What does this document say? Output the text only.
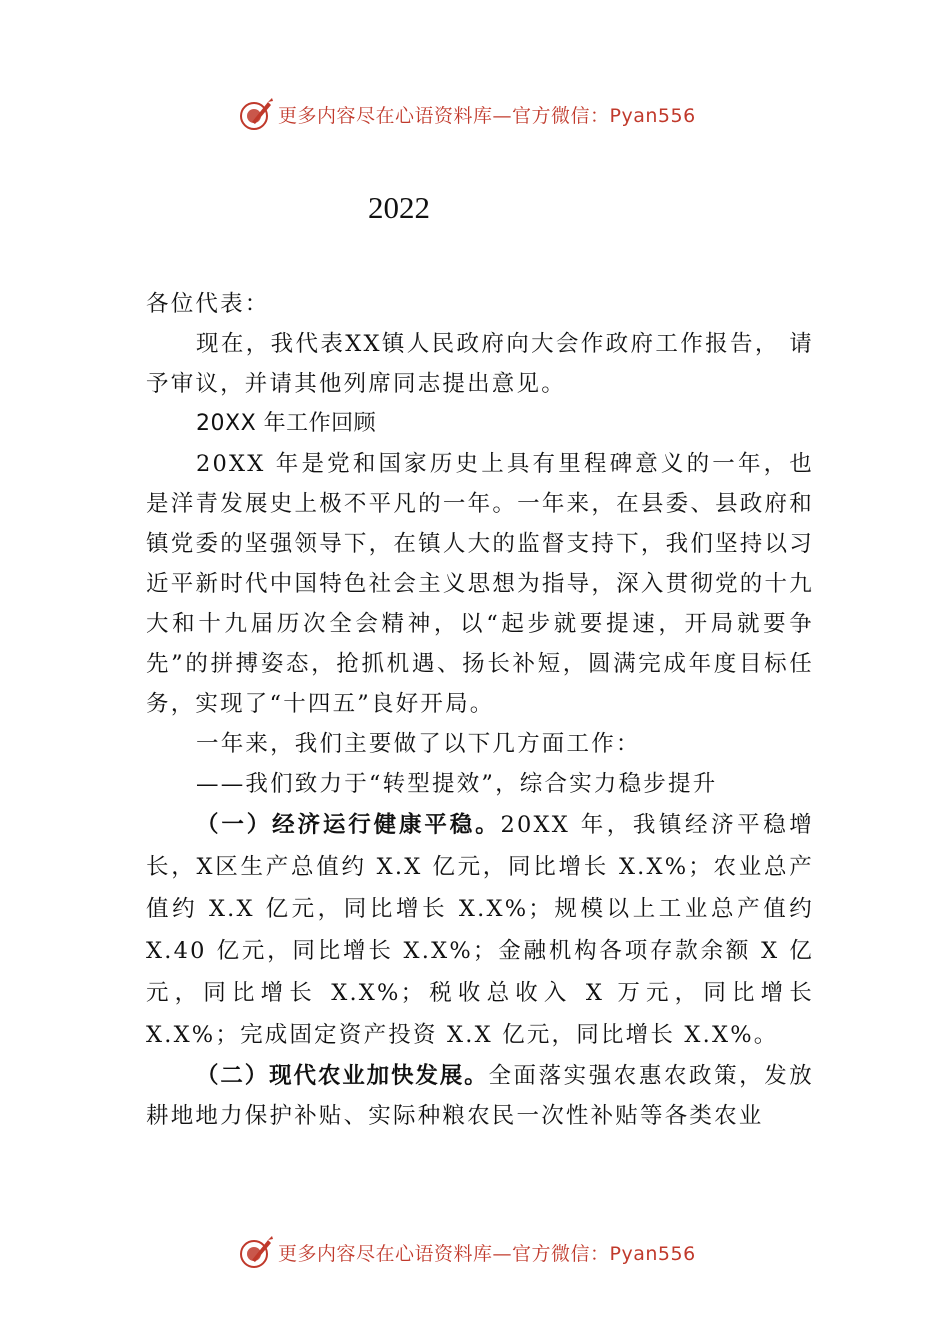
更多内容尽在心语资料库—官方微信：Pyan556
2022

各位代表：

现在，我代表XX镇人民政府向大会作政府工作报告， 请予审议，并请其他列席同志提出意见。

20XX 年工作回顾

20XX 年是党和国家历史上具有里程碑意义的一年，也是洋青发展史上极不平凡的一年。一年来，在县委、县政府和镇党委的坚强领导下，在镇人大的监督支持下，我们坚持以习近平新时代中国特色社会主义思想为指导，深入贯彻党的十九大和十九届历次全会精神，以“起步就要提速，开局就要争先”的拼搏姿态，抢抓机遇、扬长补短，圆满完成年度目标任务，实现了“十四五”良好开局。

一年来，我们主要做了以下几方面工作：

——我们致力于“转型提效”，综合实力稳步提升

（一）经济运行健康平稳。20XX 年，我镇经济平稳增长，X区生产总值约 X.X 亿元，同比增长 X.X%；农业总产值约 X.X 亿元，同比增长 X.X%；规模以上工业总产值约 X.40 亿元，同比增长 X.X%；金融机构各项存款余额 X 亿元，同比增长 X.X%；税收总收入 X 万元，同比增长 X.X%；完成固定资产投资 X.X 亿元，同比增长 X.X%。

（二）现代农业加快发展。全面落实强农惠农政策，发放耕地地力保护补贴、实际种粮农民一次性补贴等各类农业

更多内容尽在心语资料库—官方微信：Pyan556
